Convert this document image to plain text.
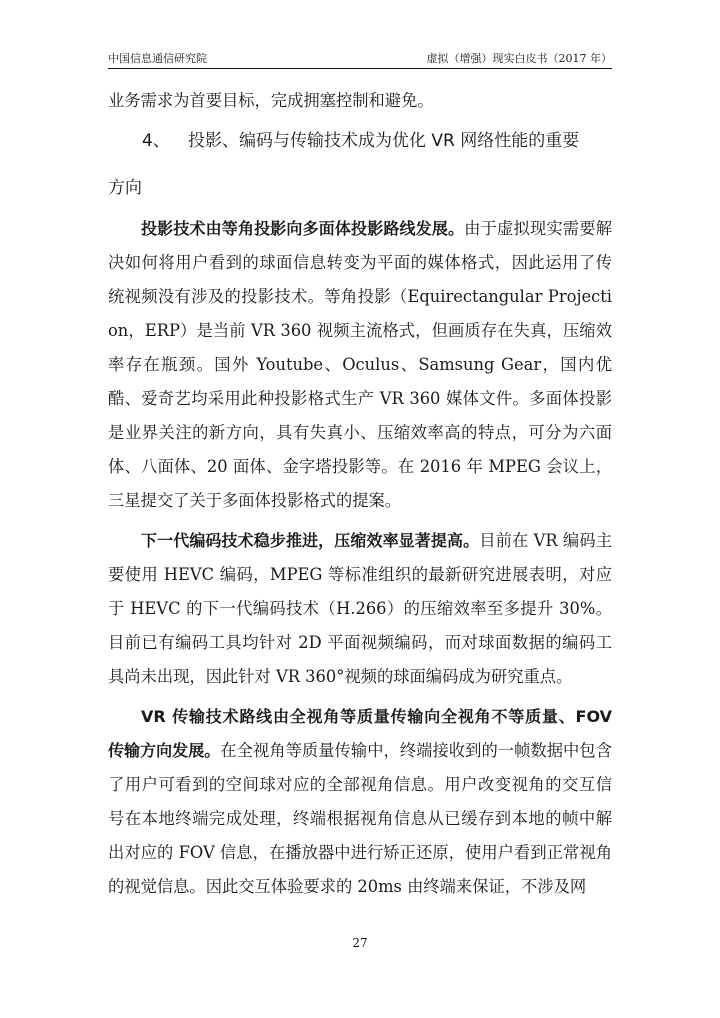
中国信息通信研究院	虚拟（增强）现实白皮书（2017 年）

业务需求为首要目标，完成拥塞控制和避免。

4、 投影、编码与传输技术成为优化 VR 网络性能的重要
方向

投影技术由等角投影向多面体投影路线发展。由于虚拟现实需要解决如何将用户看到的球面信息转变为平面的媒体格式，因此运用了传统视频没有涉及的投影技术。等角投影（Equirectangular Projection，ERP）是当前 VR 360 视频主流格式，但画质存在失真，压缩效率存在瓶颈。国外 Youtube、Oculus、Samsung Gear，国内优酷、爱奇艺均采用此种投影格式生产 VR 360 媒体文件。多面体投影是业界关注的新方向，具有失真小、压缩效率高的特点，可分为六面体、八面体、20 面体、金字塔投影等。在 2016 年 MPEG 会议上，三星提交了关于多面体投影格式的提案。

下一代编码技术稳步推进，压缩效率显著提高。目前在 VR 编码主要使用 HEVC 编码，MPEG 等标准组织的最新研究进展表明，对应于 HEVC 的下一代编码技术（H.266）的压缩效率至多提升 30%。目前已有编码工具均针对 2D 平面视频编码，而对球面数据的编码工具尚未出现，因此针对 VR 360°视频的球面编码成为研究重点。

VR 传输技术路线由全视角等质量传输向全视角不等质量、FOV 传输方向发展。在全视角等质量传输中，终端接收到的一帧数据中包含了用户可看到的空间球对应的全部视角信息。用户改变视角的交互信号在本地终端完成处理，终端根据视角信息从已缓存到本地的帧中解出对应的 FOV 信息，在播放器中进行矫正还原，使用户看到正常视角的视觉信息。因此交互体验要求的 20ms 由终端来保证，不涉及网

27
